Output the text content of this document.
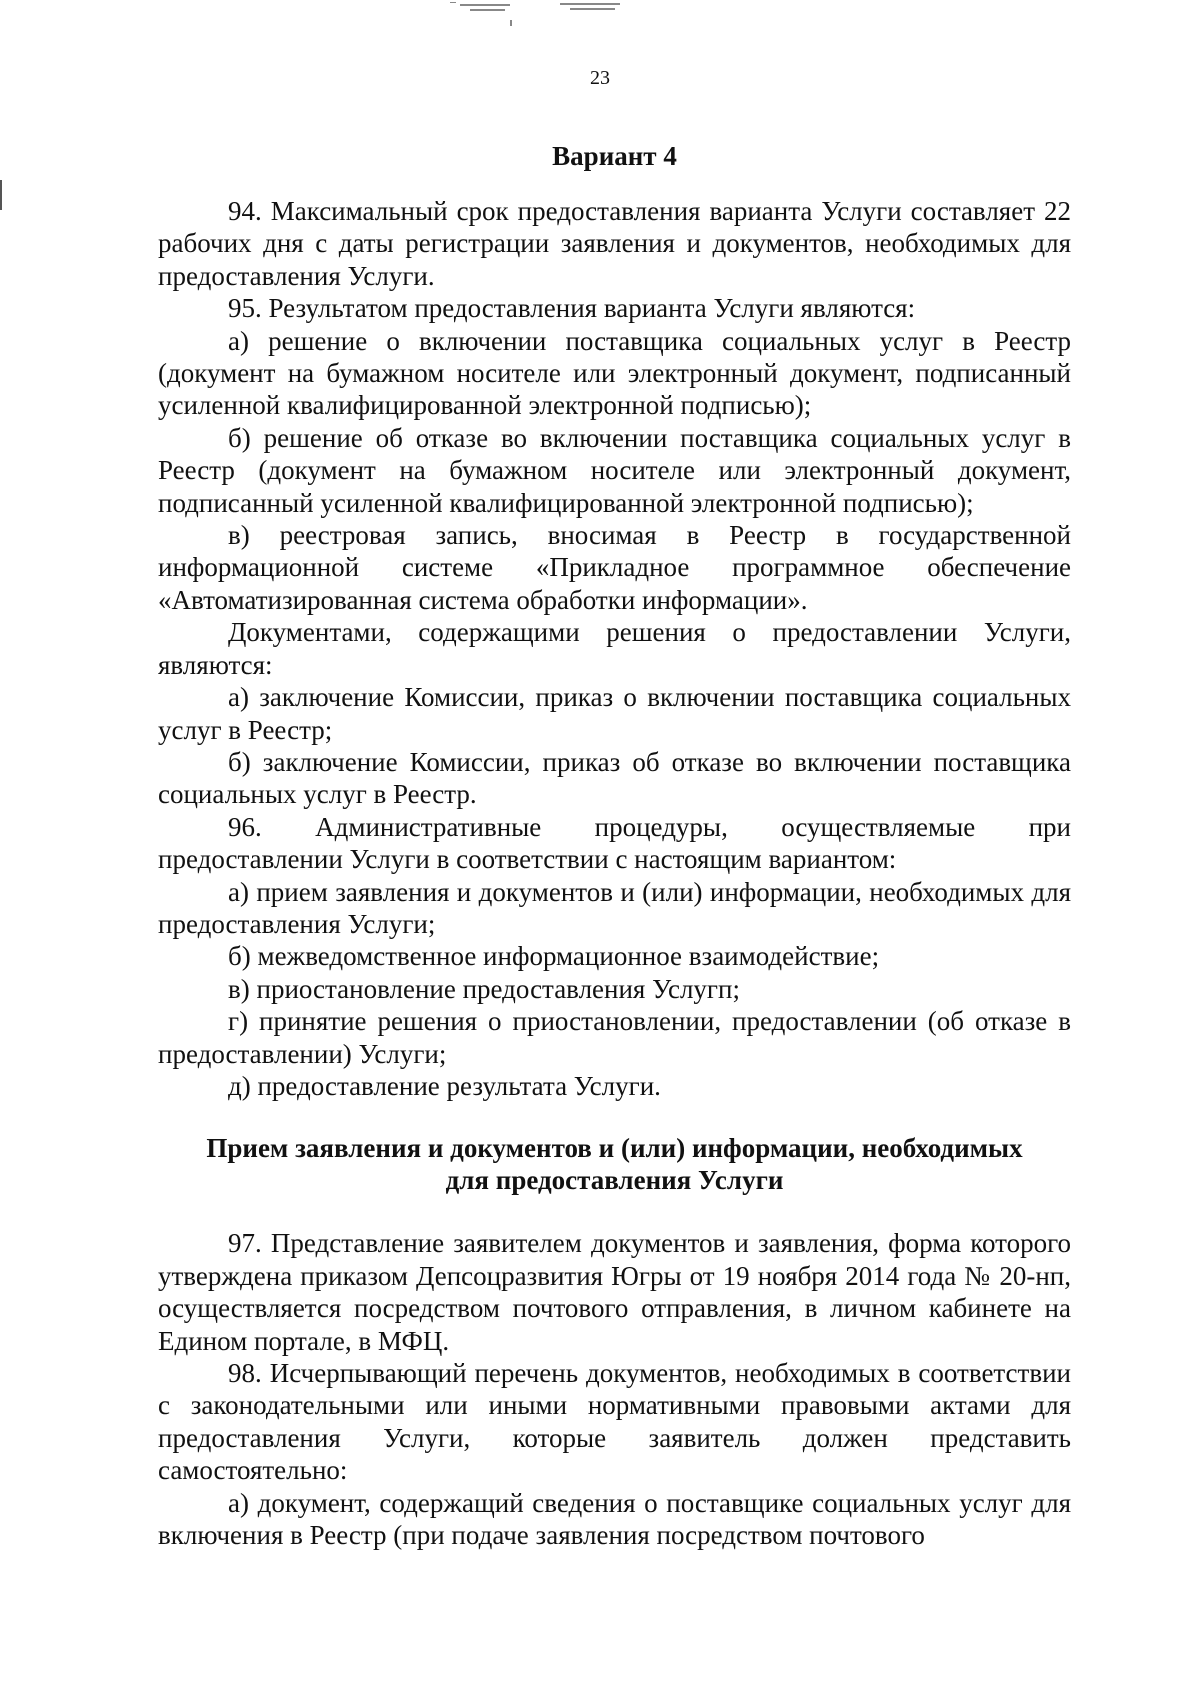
23
Вариант 4

94. Максимальный срок предоставления варианта Услуги составляет 22 рабочих дня с даты регистрации заявления и документов, необходимых для предоставления Услуги.

95. Результатом предоставления варианта Услуги являются:

а) решение о включении поставщика социальных услуг в Реестр (документ на бумажном носителе или электронный документ, подписанный усиленной квалифицированной электронной подписью);

б) решение об отказе во включении поставщика социальных услуг в Реестр (документ на бумажном носителе или электронный документ, подписанный усиленной квалифицированной электронной подписью);

в) реестровая запись, вносимая в Реестр в государственной информационной системе «Прикладное программное обеспечение «Автоматизированная система обработки информации».

Документами, содержащими решения о предоставлении Услуги, являются:

а) заключение Комиссии, приказ о включении поставщика социальных услуг в Реестр;

б) заключение Комиссии, приказ об отказе во включении поставщика социальных услуг в Реестр.

96. Административные процедуры, осуществляемые при предоставлении Услуги в соответствии с настоящим вариантом:

а) прием заявления и документов и (или) информации, необходимых для предоставления Услуги;

б) межведомственное информационное взаимодействие;

в) приостановление предоставления Услугп;

г) принятие решения о приостановлении, предоставлении (об отказе в предоставлении) Услуги;

д) предоставление результата Услуги.

Прием заявления и документов и (или) информации, необходимых
для предоставления Услуги

97. Представление заявителем документов и заявления, форма которого утверждена приказом Депсоцразвития Югры от 19 ноября 2014 года № 20-нп, осуществляется посредством почтового отправления, в личном кабинете на Едином портале, в МФЦ.

98. Исчерпывающий перечень документов, необходимых в соответствии с законодательными или иными нормативными правовыми актами для предоставления Услуги, которые заявитель должен представить самостоятельно:

а) документ, содержащий сведения о поставщике социальных услуг для включения в Реестр (при подаче заявления посредством почтового
